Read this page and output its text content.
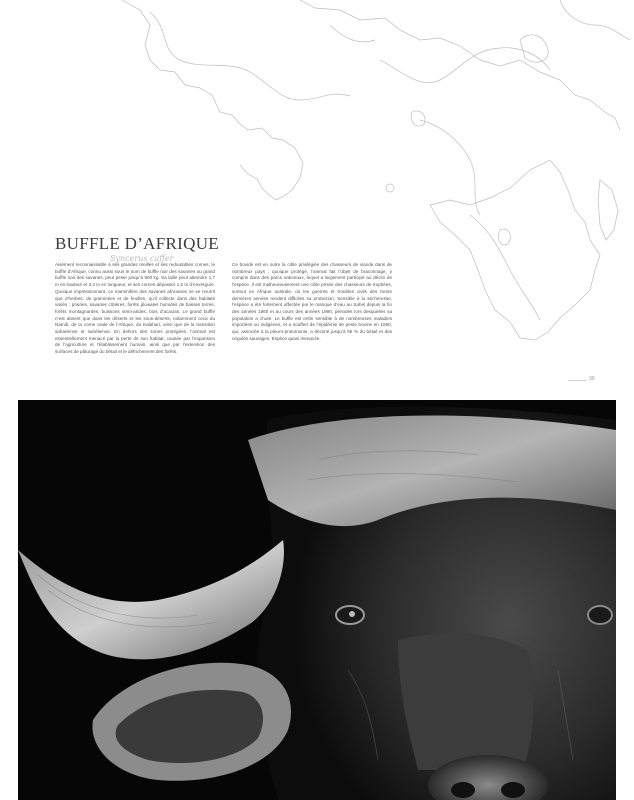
BUFFLE D’AFRIQUE

Syncerus caffer

Aisément reconnaissable à ses grandes oreilles et ses redoutables cornes, le buffle d’Afrique, connu aussi sous le nom de buffle noir des savanes ou grand buffle noir des savanes, peut peser jusqu’à 900 kg. Sa taille peut atteindre 1,7 m en hauteur et 3,4 m en longueur, et ses cornes dépasser 1,5 m d’envergure. Quoique impressionnant, ce mammifère des savanes africaines ne se nourrit que d’herbes, de graminées et de feuilles, qu’il collecte dans des habitats variés : prairies, savanes côtières, forêts pluviales humides de basses terres, forêts montagnardes, buissons semi-arides, bois d’acacias. Le grand buffle n’est absent que dans les déserts et les sous-déserts, notamment ceux du Namib, de la corne orale de l’Afrique, du Kalahari, ainsi que de la transition saharienne et sahélienne. En dehors des zones protégées, l’animal est essentiellement menacé par la perte de son habitat, causée par l’expansion de l’agriculture et l’établissement humain, ainsi que par l’extension des surfaces de pâturage du bétail et le défrichement des forêts.

Ce bovidé est en outre la cible privilégiée des chasseurs de viande dans de nombreux pays ; quoique protégé, l’animal fait l’objet de braconnage, y compris dans des parcs nationaux, lequel a largement participé au déclin de l’espèce. Il est malheureusement une cible prisée des chasseurs de trophées, surtout en Afrique australe, où les guerres et troubles civils des trente dernières années rendent difficiles sa protection. Sensible à la sécheresse, l’espèce a été fortement affectée par le manque d’eau au Sahel depuis la fin des années 1960 et au cours des années 1990, périodes lors desquelles sa population a chuté. Le buffle est enfin sensible à de nombreuses maladies importées ou indigènes, et a souffert de l’épidémie de peste bovine en 1890, qui, associée à la pleuro-pneumonie, a décimé jusqu’à 95 % du bétail et des ongulés sauvages. Espèce quasi menacée.

39
